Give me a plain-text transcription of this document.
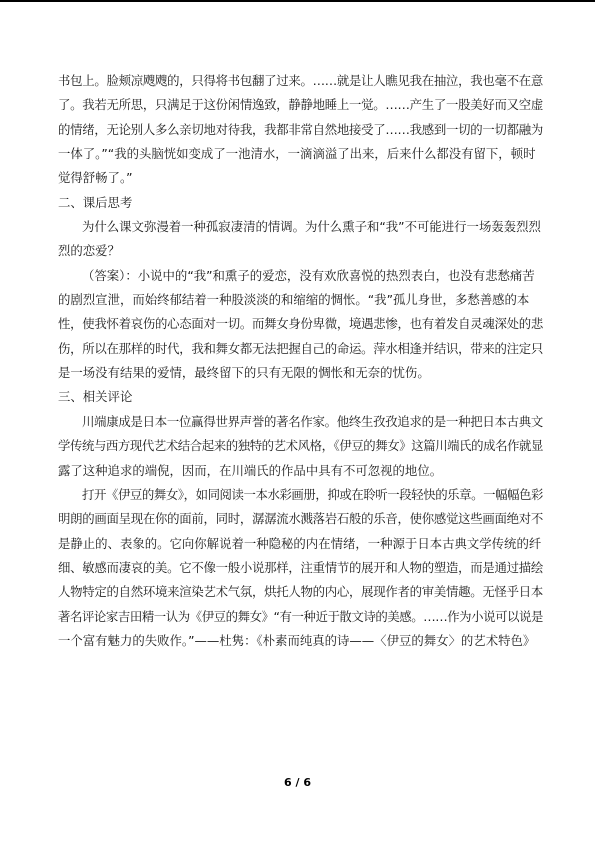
书包上。脸颊凉飕飕的，只得将书包翻了过来。……就是让人瞧见我在抽泣，我也毫不在意
了。我若无所思，只满足于这份闲情逸致，静静地睡上一觉。……产生了一股美好而又空虚
的情绪，无论别人多么亲切地对待我，我都非常自然地接受了……我感到一切的一切都融为
一体了。”“我的头脑恍如变成了一池清水，一滴滴溢了出来，后来什么都没有留下，顿时
觉得舒畅了。”
二、课后思考
为什么课文弥漫着一种孤寂凄清的情调。为什么熏子和“我”不可能进行一场轰轰烈烈
烈的恋爱？
（答案）：小说中的“我”和熏子的爱恋，没有欢欣喜悦的热烈表白，也没有悲愁痛苦
的剧烈宣泄，而始终郁结着一种股淡淡的和缩缩的惆怅。“我”孤儿身世，多愁善感的本
性，使我怀着哀伤的心态面对一切。而舞女身份卑微，境遇悲惨，也有着发自灵魂深处的悲
伤，所以在那样的时代，我和舞女都无法把握自己的命运。萍水相逢并结识，带来的注定只
是一场没有结果的爱情，最终留下的只有无限的惆怅和无奈的忧伤。
三、相关评论
川端康成是日本一位赢得世界声誉的著名作家。他终生孜孜追求的是一种把日本古典文
学传统与西方现代艺术结合起来的独特的艺术风格，《伊豆的舞女》这篇川端氏的成名作就显
露了这种追求的端倪，因而，在川端氏的作品中具有不可忽视的地位。
打开《伊豆的舞女》，如同阅读一本水彩画册，抑或在聆听一段轻快的乐章。一幅幅色彩
明朗的画面呈现在你的面前，同时，潺潺流水溅落岩石般的乐音，使你感觉这些画面绝对不
是静止的、表象的。它向你解说着一种隐秘的内在情绪，一种源于日本古典文学传统的纤
细、敏感而凄哀的美。它不像一般小说那样，注重情节的展开和人物的塑造，而是通过描绘
人物特定的自然环境来渲染艺术气氛，烘托人物的内心，展现作者的审美情趣。无怪乎日本
著名评论家吉田精一认为《伊豆的舞女》“有一种近于散文诗的美感。……作为小说可以说是
一个富有魅力的失败作。”——杜隽：《朴素而纯真的诗——〈伊豆的舞女〉的艺术特色》
6 / 6
